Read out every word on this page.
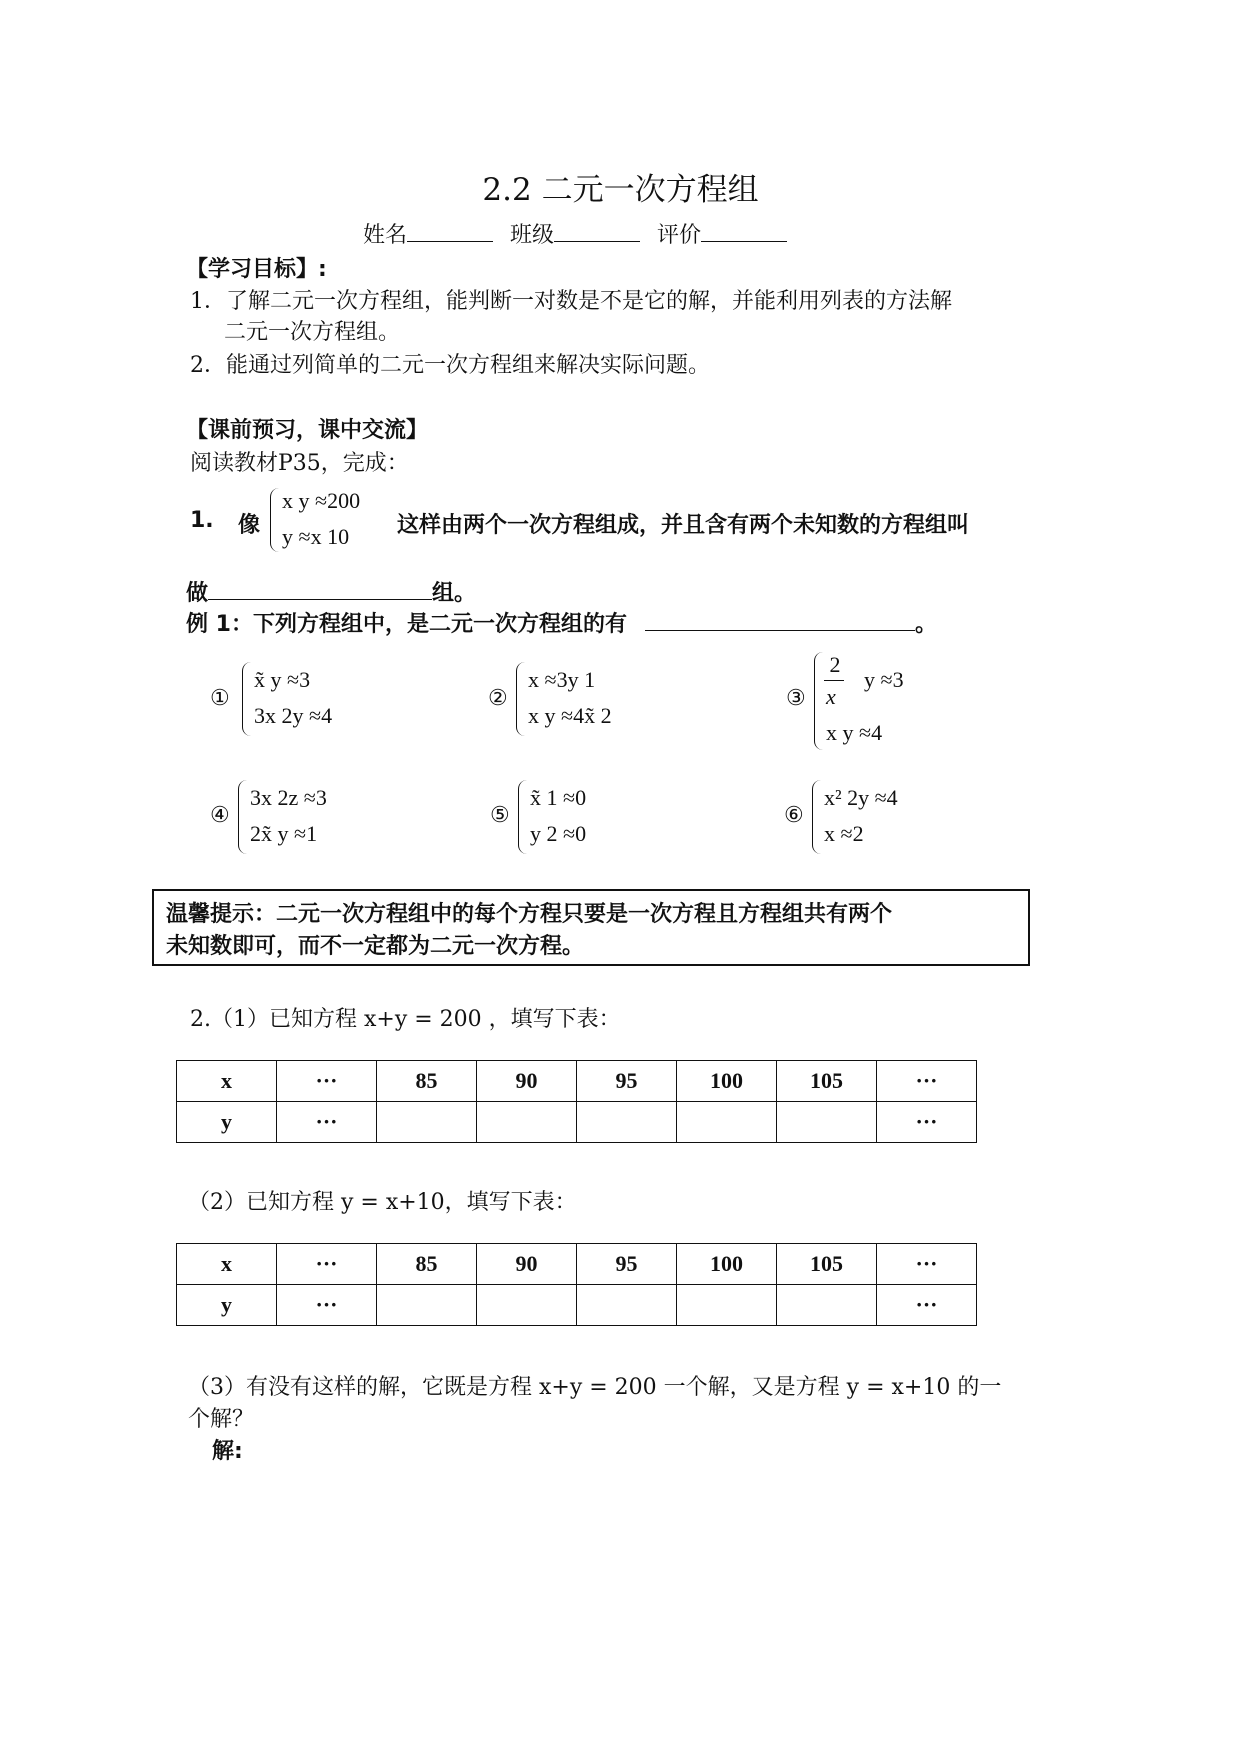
2.2 二元一次方程组
姓名	班级	评价
【学习目标】:
1．了解二元一次方程组，能判断一对数是不是它的解，并能利用列表的方法解
二元一次方程组。
2．能通过列简单的二元一次方程组来解决实际问题。
【课前预习，课中交流】
阅读教材P35，完成：
1. 像
x y ≈200
y ≈x 10 这样由两个一次方程组成，并且含有两个未知数的方程组叫
做	组。
例 1：下列方程组中，是二元一次方程组的有	。
①
x̃ y ≈3
3x 2y ≈4
②
x ≈3y 1
x y ≈4x̃ 2
③
2
x
y ≈3
x y ≈4
④
3x 2z ≈3
2x̃ y ≈1
⑤
x̃ 1 ≈0
y 2 ≈0
⑥
x² 2y ≈4
x ≈2
温馨提示：二元一次方程组中的每个方程只要是一次方程且方程组共有两个
未知数即可，而不一定都为二元一次方程。
2.（1）已知方程 x+y = 200 ，填写下表：
x	···	85	90	95	100	105	···
y	···						···
（2）已知方程 y = x+10，填写下表：
x	···	85	90	95	100	105	···
y	···						···
（3）有没有这样的解，它既是方程 x+y = 200 一个解，又是方程 y = x+10 的一
个解？
解:
